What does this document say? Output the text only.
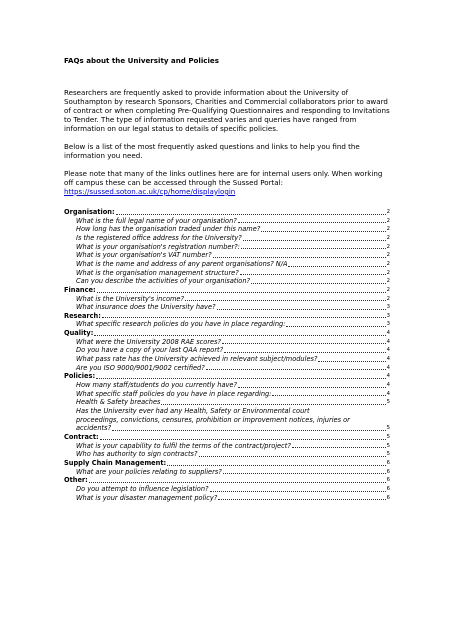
FAQs about the University and Policies

Researchers are frequently asked to provide information about the University of Southampton by research Sponsors, Charities and Commercial collaborators prior to award of contract or when completing Pre-Qualifying Questionnaires and responding to Invitations to Tender. The type of information requested varies and queries have ranged from information on our legal status to details of specific policies.

Below is a list of the most frequently asked questions and links to help you find the information you need.

Please note that many of the links outlines here are for internal users only. When working off campus these can be accessed through the Sussed Portal: https://sussed.soton.ac.uk/cp/home/displaylogin

Organisation:	2
What is the full legal name of your organisation?	2
How long has the organisation traded under this name?	2
Is the registered office address for the University?	2
What is your organisation's registration number?:	2
What is your organisation's VAT number?	2
What is the name and address of any parent organisations? N/A	2
What is the organisation management structure?	2
Can you describe the activities of your organisation?	2
Finance:	2
What is the University's income?	2
What insurance does the University have?	3
Research:	3
What specific research policies do you have in place regarding:	3
Quality:	4
What were the University 2008 RAE scores?	4
Do you have a copy of your last QAA report?	4
What pass rate has the University achieved in relevant subject/modules?	4
Are you ISO 9000/9001/9002 certified?	4
Policies:	4
How many staff/students do you currently have?	4
What specific staff policies do you have in place regarding:	4
Health & Safety breaches	5
Has the University ever had any Health, Safety or Environmental court
proceedings, convictions, censures, prohibition or improvement notices, injuries or
accidents?	5
Contract:	5
What is your capability to fulfil the terms of the contract/project?	5
Who has authority to sign contracts?	5
Supply Chain Management:	6
What are your policies relating to suppliers?	6
Other:	6
Do you attempt to influence legislation?	6
What is your disaster management policy?	6
